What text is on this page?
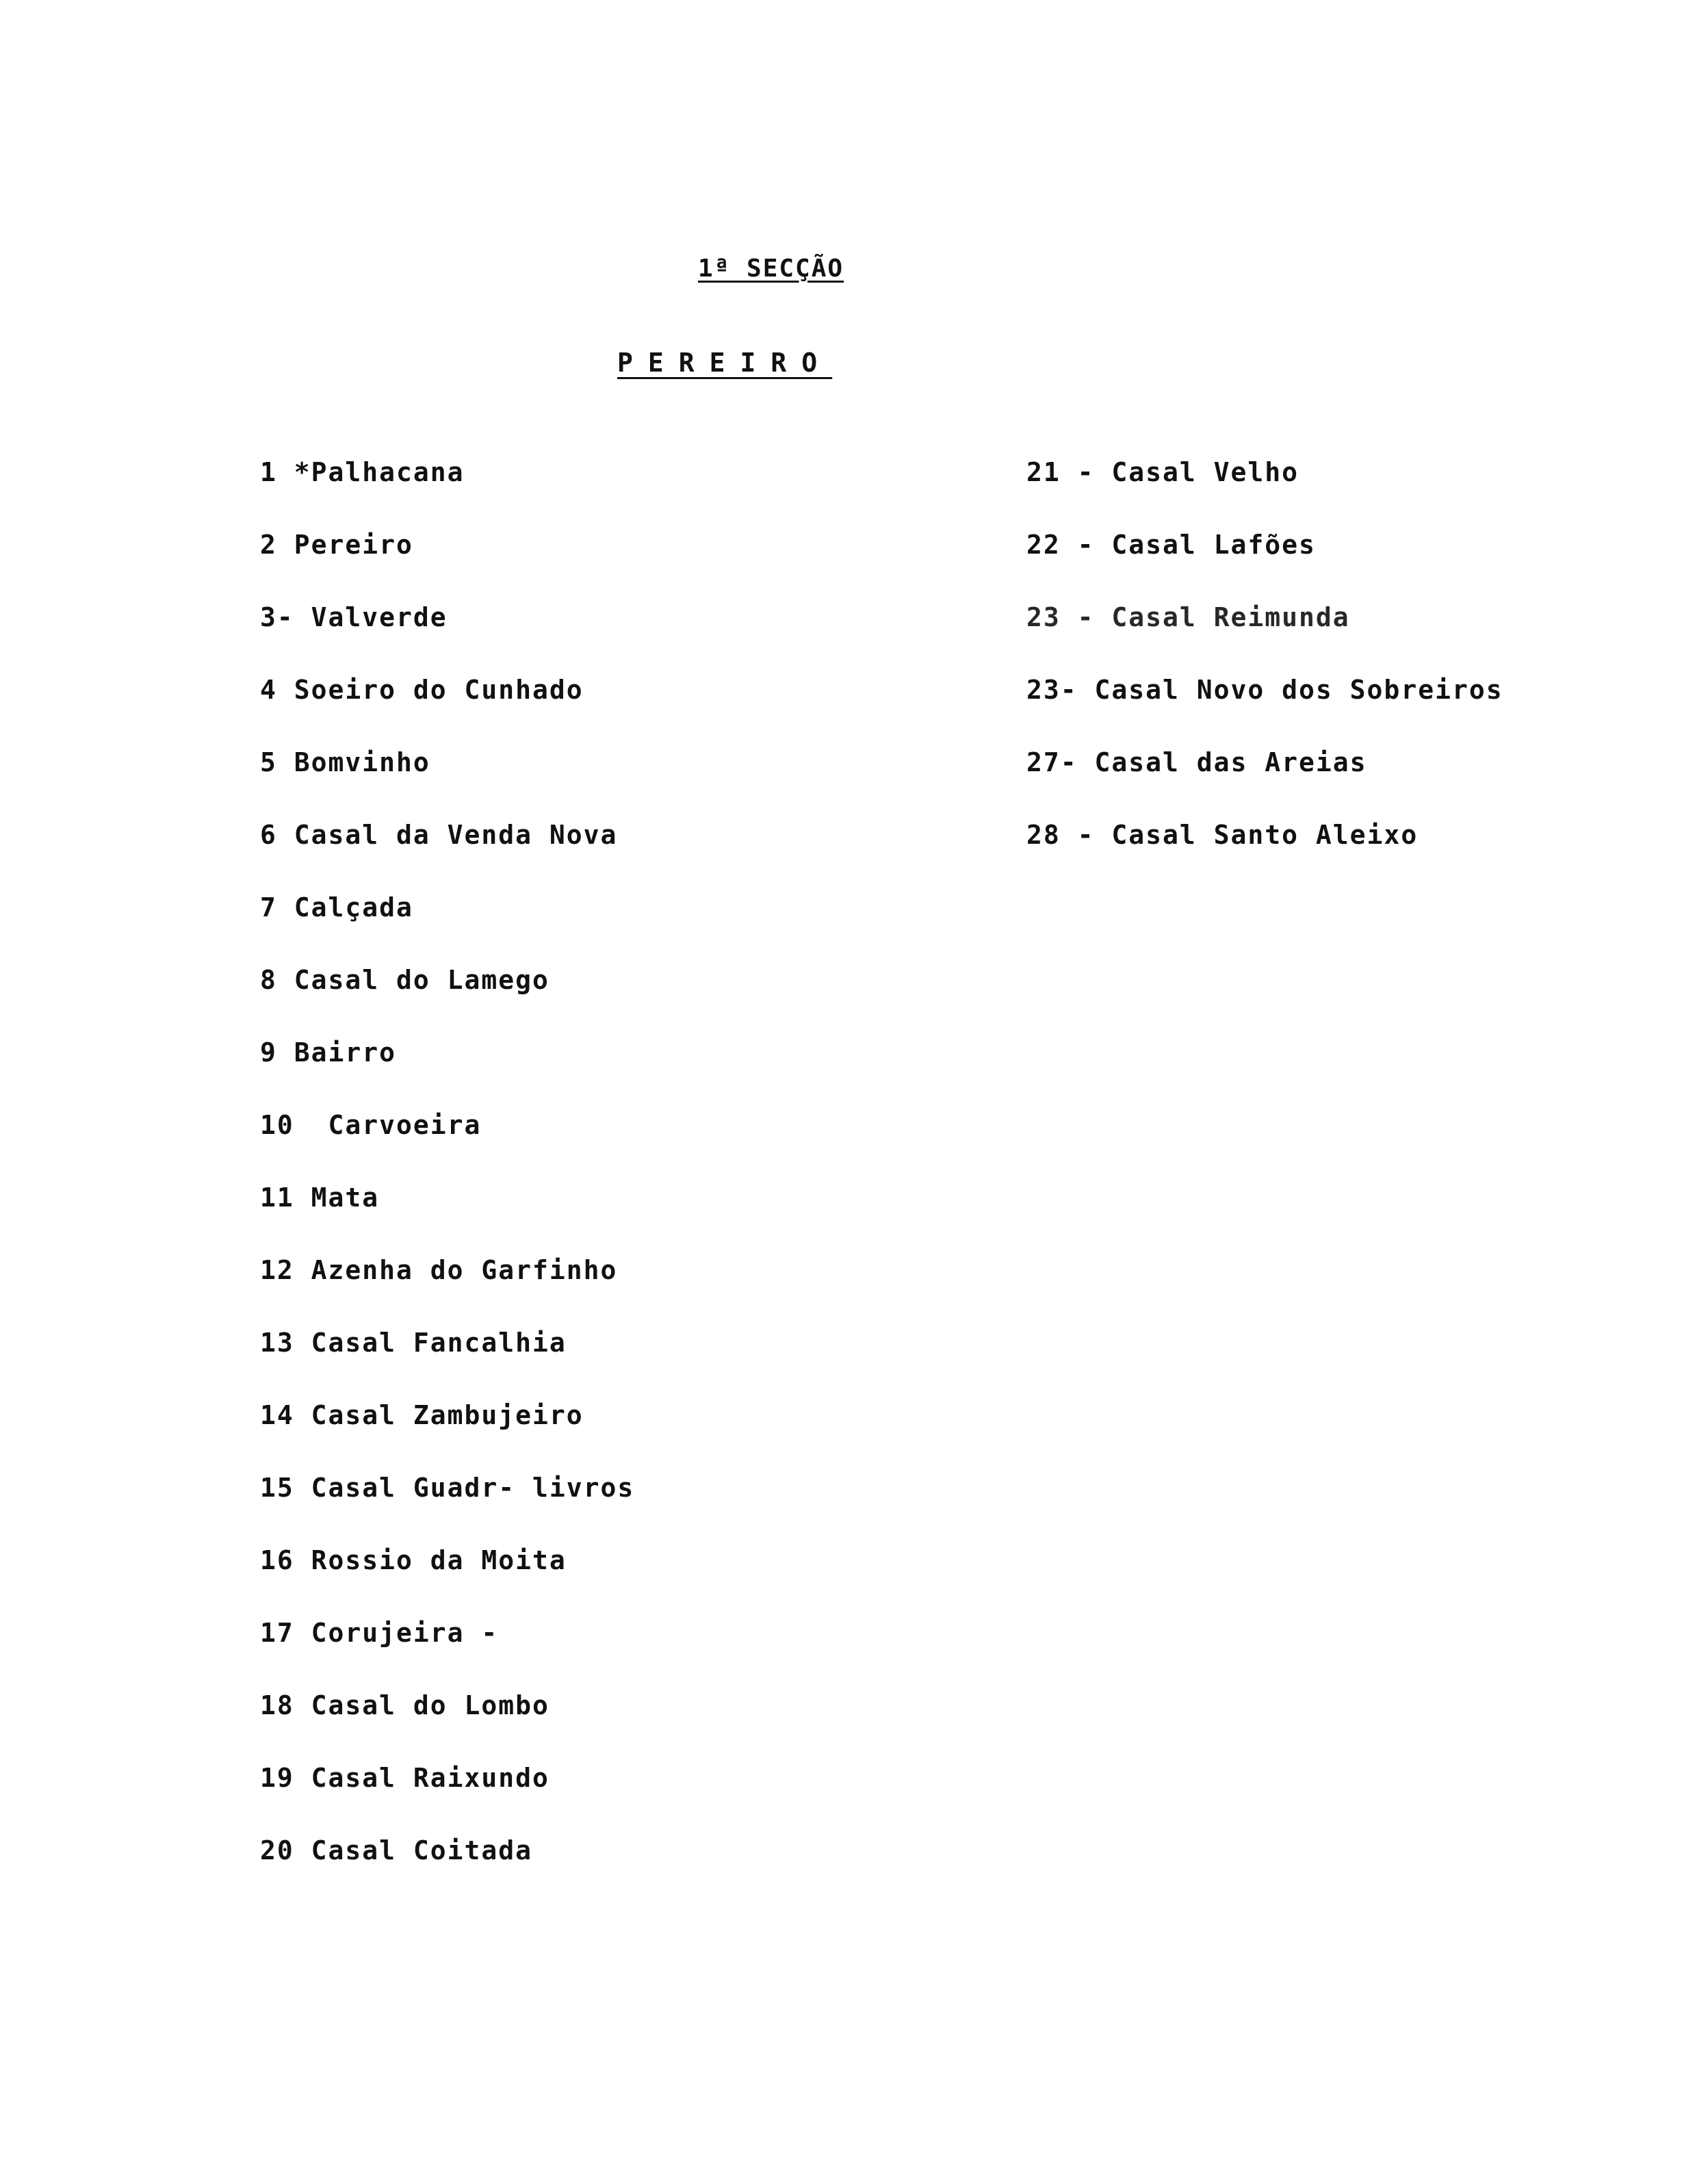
1ª SECÇÃO
PEREIRO
1 *Palhacana
2 Pereiro
3- Valverde
4 Soeiro do Cunhado
5 Bomvinho
6 Casal da Venda Nova
7 Calçada
8 Casal do Lamego
9 Bairro
10  Carvoeira
11 Mata
12 Azenha do Garfinho
13 Casal Fancalhia
14 Casal Zambujeiro
15 Casal Guadr- livros
16 Rossio da Moita
17 Corujeira -
18 Casal do Lombo
19 Casal Raixundo
20 Casal Coitada
21 - Casal Velho
22 - Casal Lafões
23 - Casal Reimunda
23- Casal Novo dos Sobreiros
27- Casal das Areias
28 - Casal Santo Aleixo
